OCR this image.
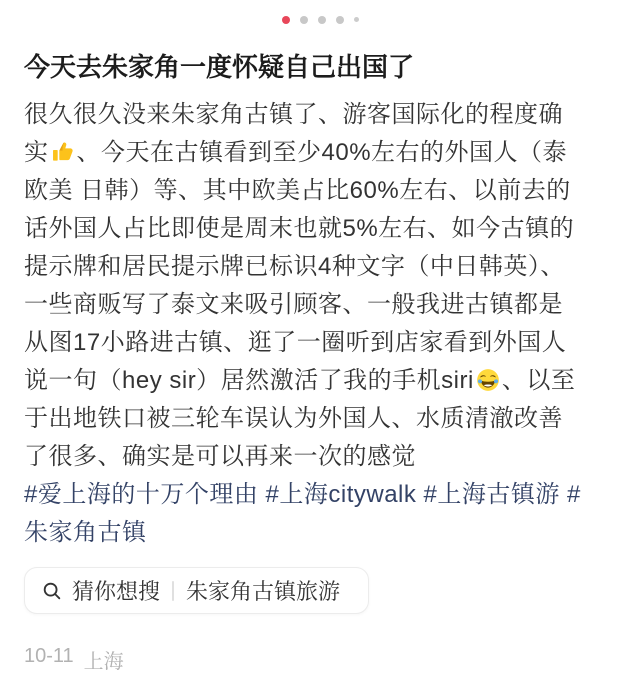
今天去朱家角一度怀疑自己出国了
很久很久没来朱家角古镇了、游客国际化的程度确
实 、今天在古镇看到至少40%左右的外国人（泰
欧美 日韩）等、其中欧美占比60%左右、以前去的
话外国人占比即使是周末也就5%左右、如今古镇的
提示牌和居民提示牌已标识4种文字（中日韩英）、
一些商贩写了泰文来吸引顾客、一般我进古镇都是
从图17小路进古镇、逛了一圈听到店家看到外国人
说一句（hey sir）居然激活了我的手机siri 、以至
于出地铁口被三轮车误认为外国人、水质清澈改善
了很多、确实是可以再来一次的感觉
#爱上海的十万个理由 #上海citywalk #上海古镇游 #
朱家角古镇
猜你想搜 朱家角古镇旅游
10-11 上海
